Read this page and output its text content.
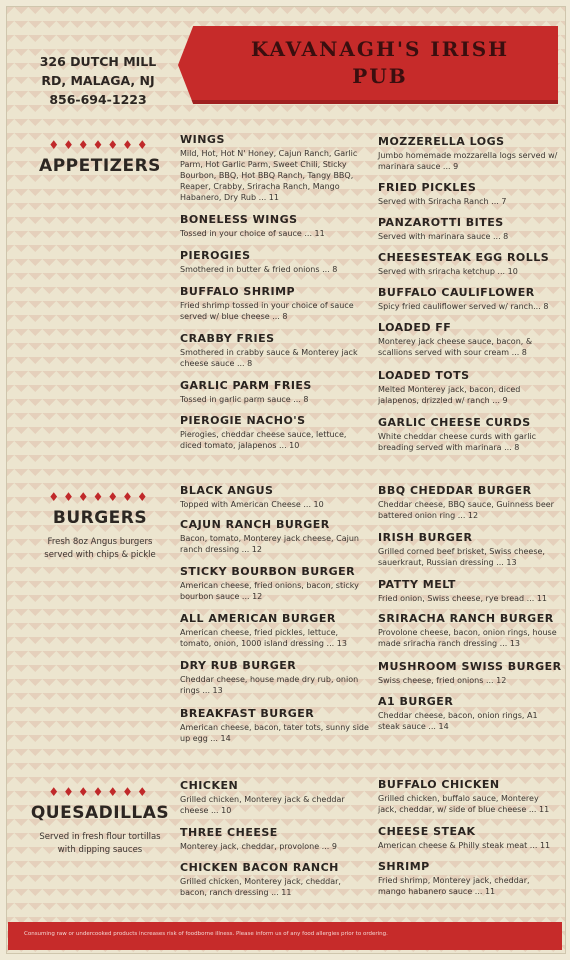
326 DUTCH MILL
RD, MALAGA, NJ
856-694-1223
KAVANAGH'S IRISH
PUB
♦♦♦♦♦♦♦
APPETIZERS
WINGS
Mild, Hot, Hot N' Honey, Cajun Ranch, Garlic Parm, Hot Garlic Parm, Sweet Chili, Sticky Bourbon, BBQ, Hot BBQ Ranch, Tangy BBQ, Reaper, Crabby, Sriracha Ranch, Mango Habanero, Dry Rub ... 11
BONELESS WINGS
Tossed in your choice of sauce ... 11
PIEROGIES
Smothered in butter & fried onions ... 8
BUFFALO SHRIMP
Fried shrimp tossed in your choice of sauce served w/ blue cheese ... 8
CRABBY FRIES
Smothered in crabby sauce & Monterey jack cheese sauce ... 8
GARLIC PARM FRIES
Tossed in garlic parm sauce ... 8
PIEROGIE NACHO'S
Pierogies, cheddar cheese sauce, lettuce, diced tomato, jalapenos ... 10
MOZZERELLA LOGS
Jumbo homemade mozzarella logs served w/ marinara sauce ... 9
FRIED PICKLES
Served with Sriracha Ranch ... 7
PANZAROTTI BITES
Served with marinara sauce ... 8
CHEESESTEAK EGG ROLLS
Served with sriracha ketchup ... 10
BUFFALO CAULIFLOWER
Spicy fried cauliflower served w/ ranch... 8
LOADED FF
Monterey jack cheese sauce, bacon, & scallions served with sour cream ... 8
LOADED TOTS
Melted Monterey jack, bacon, diced jalapenos, drizzled w/ ranch ... 9
GARLIC CHEESE CURDS
White cheddar cheese curds with garlic breading served with marinara ... 8
♦♦♦♦♦♦♦
BURGERS
Fresh 8oz Angus burgers
served with chips & pickle
BLACK ANGUS
Topped with American Cheese ... 10
CAJUN RANCH BURGER
Bacon, tomato, Monterey jack cheese, Cajun ranch dressing ... 12
STICKY BOURBON BURGER
American cheese, fried onions, bacon, sticky bourbon sauce ... 12
ALL AMERICAN BURGER
American cheese, fried pickles, lettuce, tomato, onion, 1000 island dressing ... 13
DRY RUB BURGER
Cheddar cheese, house made dry rub, onion rings ... 13
BREAKFAST BURGER
American cheese, bacon, tater tots, sunny side up egg ... 14
BBQ CHEDDAR BURGER
Cheddar cheese, BBQ sauce, Guinness beer battered onion ring ... 12
IRISH BURGER
Grilled corned beef brisket, Swiss cheese, sauerkraut, Russian dressing ... 13
PATTY MELT
Fried onion, Swiss cheese, rye bread ... 11
SRIRACHA RANCH BURGER
Provolone cheese, bacon, onion rings, house made sriracha ranch dressing ... 13
MUSHROOM SWISS BURGER
Swiss cheese, fried onions ... 12
A1 BURGER
Cheddar cheese, bacon, onion rings, A1 steak sauce ... 14
♦♦♦♦♦♦♦
QUESADILLAS
Served in fresh flour tortillas
with dipping sauces
CHICKEN
Grilled chicken, Monterey jack & cheddar cheese ... 10
THREE CHEESE
Monterey jack, cheddar, provolone ... 9
CHICKEN BACON RANCH
Grilled chicken, Monterey jack, cheddar, bacon, ranch dressing ... 11
BUFFALO CHICKEN
Grilled chicken, buffalo sauce, Monterey jack, cheddar, w/ side of blue cheese ... 11
CHEESE STEAK
American cheese & Philly steak meat ... 11
SHRIMP
Fried shrimp, Monterey jack, cheddar, mango habanero sauce ... 11
Consuming raw or undercooked products increases risk of foodborne illness. Please inform us of any food allergies prior to ordering.
